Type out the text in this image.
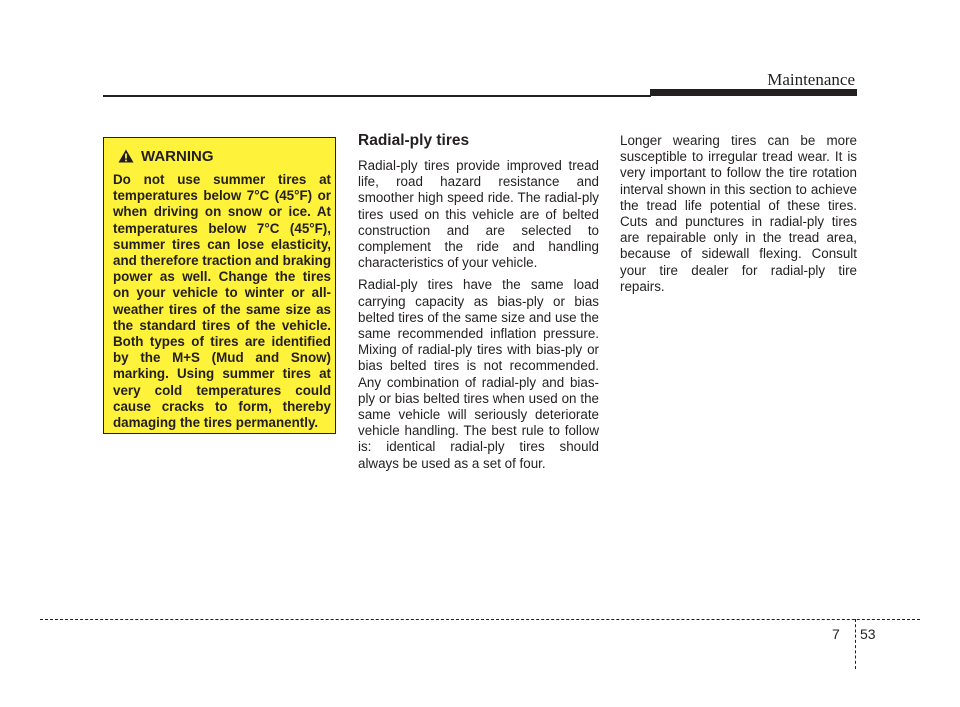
Maintenance
WARNING

Do not use summer tires at temperatures below 7°C (45°F) or when driving on snow or ice. At temperatures below 7°C (45°F), summer tires can lose elasticity, and therefore traction and braking power as well. Change the tires on your vehicle to winter or all-weather tires of the same size as the standard tires of the vehicle. Both types of tires are identified by the M+S (Mud and Snow) marking. Using summer tires at very cold temperatures could cause cracks to form, thereby damaging the tires permanently.

Radial-ply tires

Radial-ply tires provide improved tread life, road hazard resistance and smoother high speed ride. The radial-ply tires used on this vehicle are of belted construction and are selected to complement the ride and handling characteristics of your vehicle.

Radial-ply tires have the same load carrying capacity as bias-ply or bias belted tires of the same size and use the same recommended inflation pressure. Mixing of radial-ply tires with bias-ply or bias belted tires is not recommended. Any combination of radial-ply and bias-ply or bias belted tires when used on the same vehicle will seriously deteriorate vehicle handling. The best rule to follow is: identical radial-ply tires should always be used as a set of four.

Longer wearing tires can be more susceptible to irregular tread wear. It is very important to follow the tire rotation interval shown in this section to achieve the tread life potential of these tires. Cuts and punctures in radial-ply tires are repairable only in the tread area, because of sidewall flexing. Consult your tire dealer for radial-ply tire repairs.

7 53
